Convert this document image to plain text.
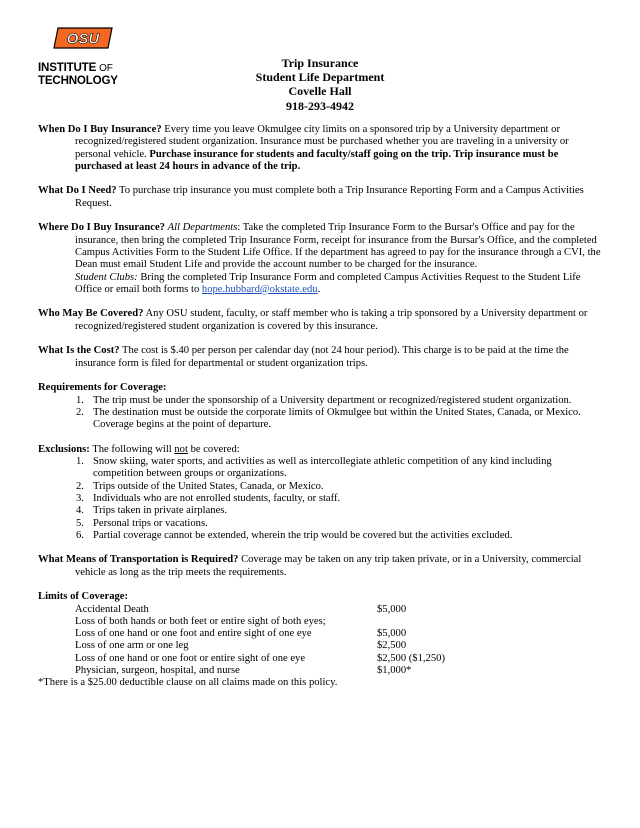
OSU
INSTITUTE OF
TECHNOLOGY
Trip Insurance
Student Life Department
Covelle Hall
918-293-4942
When Do I Buy Insurance? Every time you leave Okmulgee city limits on a sponsored trip by a University department or recognized/registered student organization. Insurance must be purchased whether you are traveling in a university or personal vehicle. Purchase insurance for students and faculty/staff going on the trip. Trip insurance must be purchased at least 24 hours in advance of the trip.
What Do I Need? To purchase trip insurance you must complete both a Trip Insurance Reporting Form and a Campus Activities Request.
Where Do I Buy Insurance? All Departments: Take the completed Trip Insurance Form to the Bursar's Office and pay for the insurance, then bring the completed Trip Insurance Form, receipt for insurance from the Bursar's Office, and the completed Campus Activities Form to the Student Life Office. If the department has agreed to pay for the insurance through a CVI, the Dean must email Student Life and provide the account number to be charged for the insurance.
Student Clubs: Bring the completed Trip Insurance Form and completed Campus Activities Request to the Student Life Office or email both forms to hope.hubbard@okstate.edu.
Who May Be Covered? Any OSU student, faculty, or staff member who is taking a trip sponsored by a University department or recognized/registered student organization is covered by this insurance.
What Is the Cost? The cost is $.40 per person per calendar day (not 24 hour period). This charge is to be paid at the time the insurance form is filed for departmental or student organization trips.
Requirements for Coverage:
1. The trip must be under the sponsorship of a University department or recognized/registered student organization.
2. The destination must be outside the corporate limits of Okmulgee but within the United States, Canada, or Mexico. Coverage begins at the point of departure.
Exclusions: The following will not be covered:
1. Snow skiing, water sports, and activities as well as intercollegiate athletic competition of any kind including competition between groups or organizations.
2. Trips outside of the United States, Canada, or Mexico.
3. Individuals who are not enrolled students, faculty, or staff.
4. Trips taken in private airplanes.
5. Personal trips or vacations.
6. Partial coverage cannot be extended, wherein the trip would be covered but the activities excluded.
What Means of Transportation is Required? Coverage may be taken on any trip taken private, or in a University, commercial vehicle as long as the trip meets the requirements.
Limits of Coverage:
Accidental Death	$5,000
Loss of both hands or both feet or entire sight of both eyes;
Loss of one hand or one foot and entire sight of one eye	$5,000
Loss of one arm or one leg	$2,500
Loss of one hand or one foot or entire sight of one eye	$2,500 ($1,250)
Physician, surgeon, hospital, and nurse	$1,000*
*There is a $25.00 deductible clause on all claims made on this policy.
